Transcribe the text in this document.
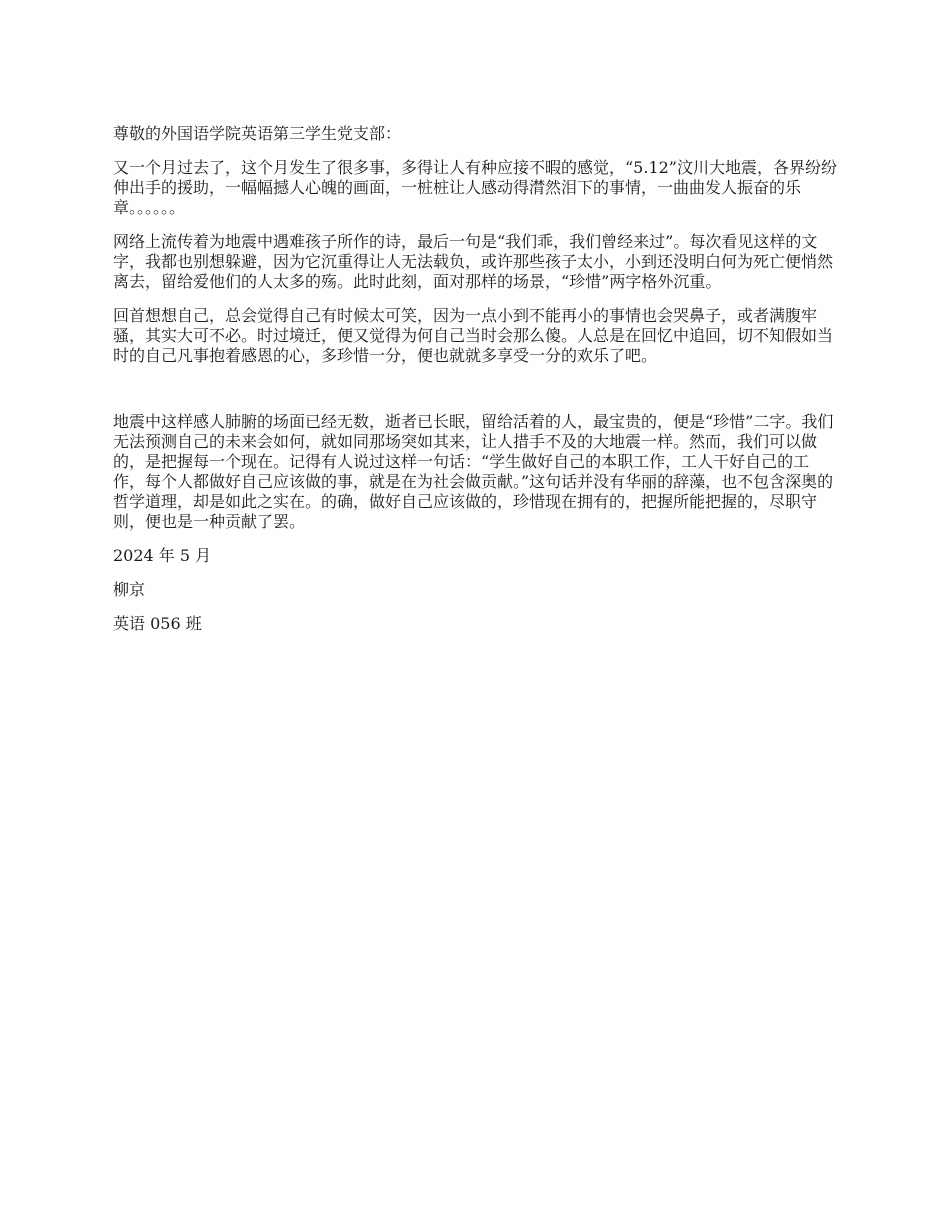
尊敬的外国语学院英语第三学生党支部：

又一个月过去了，这个月发生了很多事，多得让人有种应接不暇的感觉，“5.12”汶川大地震，各界纷纷伸出手的援助，一幅幅撼人心魄的画面，一桩桩让人感动得潸然泪下的事情，一曲曲发人振奋的乐章。。。。。。

网络上流传着为地震中遇难孩子所作的诗，最后一句是“我们乖，我们曾经来过”。每次看见这样的文字，我都也别想躲避，因为它沉重得让人无法载负，或许那些孩子太小，小到还没明白何为死亡便悄然离去，留给爱他们的人太多的殇。此时此刻，面对那样的场景，“珍惜”两字格外沉重。

回首想想自己，总会觉得自己有时候太可笑，因为一点小到不能再小的事情也会哭鼻子，或者满腹牢骚，其实大可不必。时过境迁，便又觉得为何自己当时会那么傻。人总是在回忆中追回，切不知假如当时的自己凡事抱着感恩的心，多珍惜一分，便也就就多享受一分的欢乐了吧。

地震中这样感人肺腑的场面已经无数，逝者已长眠，留给活着的人，最宝贵的，便是“珍惜”二字。我们无法预测自己的未来会如何，就如同那场突如其来，让人措手不及的大地震一样。然而，我们可以做的，是把握每一个现在。记得有人说过这样一句话：“学生做好自己的本职工作，工人干好自己的工作，每个人都做好自己应该做的事，就是在为社会做贡献。”这句话并没有华丽的辞藻，也不包含深奥的哲学道理，却是如此之实在。的确，做好自己应该做的，珍惜现在拥有的，把握所能把握的，尽职守则，便也是一种贡献了罢。

2024 年 5 月

柳京

英语 056 班
